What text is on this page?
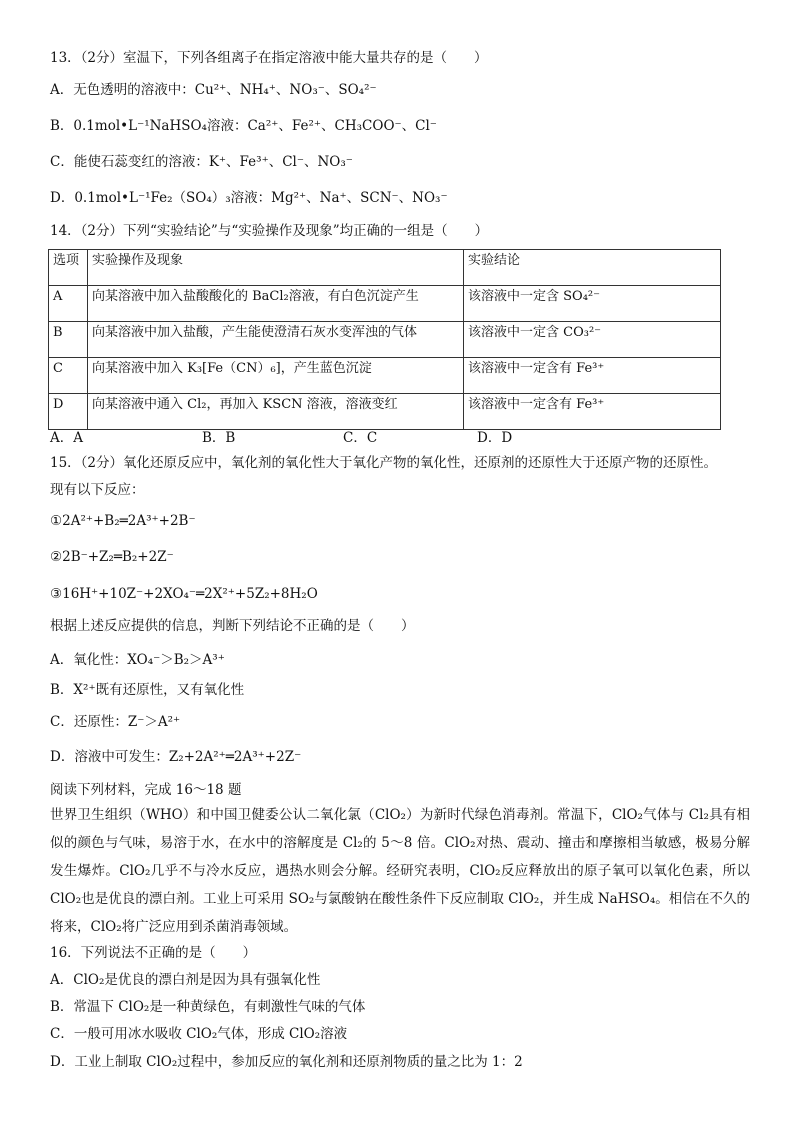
13．（2分）室温下，下列各组离子在指定溶液中能大量共存的是（　　）
A．无色透明的溶液中：Cu²⁺、NH₄⁺、NO₃⁻、SO₄²⁻
B．0.1mol•L⁻¹NaHSO₄溶液：Ca²⁺、Fe²⁺、CH₃COO⁻、Cl⁻
C．能使石蕊变红的溶液：K⁺、Fe³⁺、Cl⁻、NO₃⁻
D．0.1mol•L⁻¹Fe₂（SO₄）₃溶液：Mg²⁺、Na⁺、SCN⁻、NO₃⁻
14．（2分）下列“实验结论”与“实验操作及现象”均正确的一组是（　　）
选项	实验操作及现象	实验结论
A	向某溶液中加入盐酸酸化的 BaCl₂溶液，有白色沉淀产生	该溶液中一定含 SO₄²⁻
B	向某溶液中加入盐酸，产生能使澄清石灰水变浑浊的气体	该溶液中一定含 CO₃²⁻
C	向某溶液中加入 K₃[Fe（CN）₆]，产生蓝色沉淀	该溶液中一定含有 Fe³⁺
D	向某溶液中通入 Cl₂，再加入 KSCN 溶液，溶液变红	该溶液中一定含有 Fe³⁺
A．A	B．B	C．C	D．D
15．（2分）氧化还原反应中，氧化剂的氧化性大于氧化产物的氧化性，还原剂的还原性大于还原产物的还原性。
现有以下反应：
①2A²⁺+B₂═2A³⁺+2B⁻
②2B⁻+Z₂═B₂+2Z⁻
③16H⁺+10Z⁻+2XO₄⁻═2X²⁺+5Z₂+8H₂O
根据上述反应提供的信息，判断下列结论不正确的是（　　）
A．氧化性：XO₄⁻＞B₂＞A³⁺
B．X²⁺既有还原性，又有氧化性
C．还原性：Z⁻＞A²⁺
D．溶液中可发生：Z₂+2A²⁺═2A³⁺+2Z⁻
阅读下列材料，完成 16～18 题
世界卫生组织（WHO）和中国卫健委公认二氧化氯（ClO₂）为新时代绿色消毒剂。常温下，ClO₂气体与 Cl₂具有相似的颜色与气味，易溶于水，在水中的溶解度是 Cl₂的 5～8 倍。ClO₂对热、震动、撞击和摩擦相当敏感，极易分解发生爆炸。ClO₂几乎不与冷水反应，遇热水则会分解。经研究表明，ClO₂反应释放出的原子氧可以氧化色素，所以 ClO₂也是优良的漂白剂。工业上可采用 SO₂与氯酸钠在酸性条件下反应制取 ClO₂，并生成 NaHSO₄。相信在不久的将来，ClO₂将广泛应用到杀菌消毒领域。
16．下列说法不正确的是（　　）
A．ClO₂是优良的漂白剂是因为具有强氧化性
B．常温下 ClO₂是一种黄绿色，有刺激性气味的气体
C．一般可用冰水吸收 ClO₂气体，形成 ClO₂溶液
D．工业上制取 ClO₂过程中，参加反应的氧化剂和还原剂物质的量之比为 1：2
